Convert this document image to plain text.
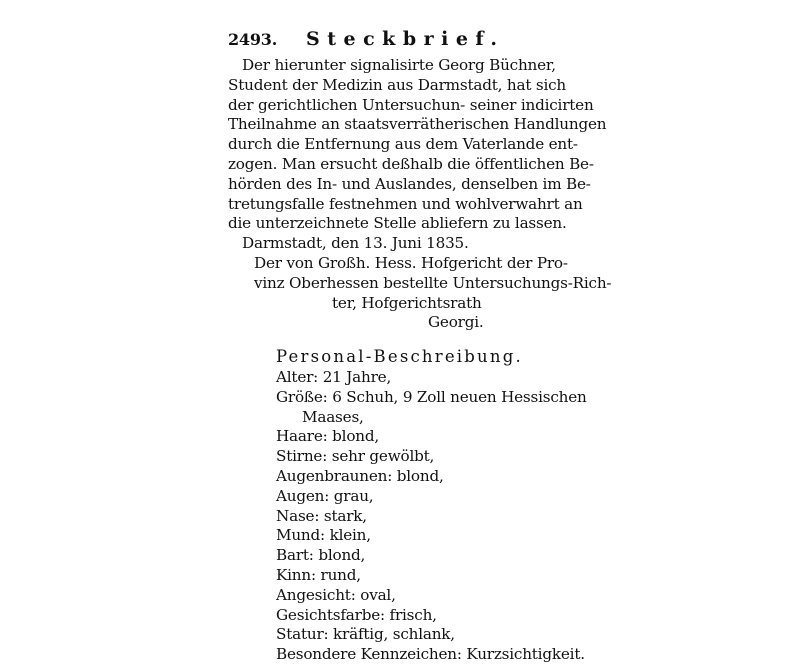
2493.	Steckbrief.
Der hierunter signalisirte Georg Büchner,
Student der Medizin aus Darmstadt, hat sich
der gerichtlichen Untersuchun- seiner indicirten
Theilnahme an staatsverrätherischen Handlungen
durch die Entfernung aus dem Vaterlande ent-
zogen. Man ersucht deßhalb die öffentlichen Be-
hörden des In- und Auslandes, denselben im Be-
tretungsfalle festnehmen und wohlverwahrt an
die unterzeichnete Stelle abliefern zu lassen.
Darmstadt, den 13. Juni 1835.
Der von Großh. Hess. Hofgericht der Pro-
vinz Oberhessen bestellte Untersuchungs-Rich-
ter, Hofgerichtsrath
Georgi.
Personal-Beschreibung.
Alter: 21 Jahre,
Größe: 6 Schuh, 9 Zoll neuen Hessischen
Maases,
Haare: blond,
Stirne: sehr gewölbt,
Augenbraunen: blond,
Augen: grau,
Nase: stark,
Mund: klein,
Bart: blond,
Kinn: rund,
Angesicht: oval,
Gesichtsfarbe: frisch,
Statur: kräftig, schlank,
Besondere Kennzeichen: Kurzsichtigkeit.
